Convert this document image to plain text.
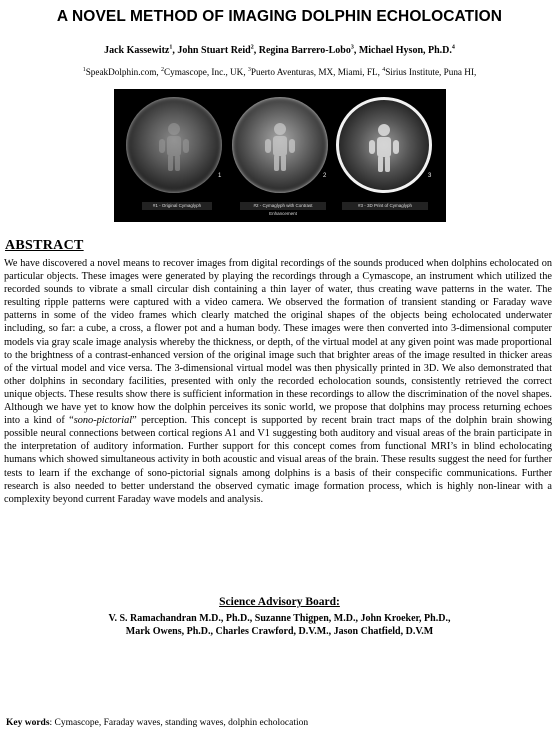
A NOVEL METHOD OF IMAGING DOLPHIN ECHOLOCATION
Jack Kassewitz$^1$, John Stuart Reid$^2$, Regina Barrero-Lobo$^3$, Michael Hyson, Ph.D.$^4$
$^1$SpeakDolphin.com, $^2$Cymascope, Inc., UK, $^3$Puerto Aventuras, MX, Miami, FL, $^4$Sirius Institute, Puna HI,
1	2	3
#1 - Original Cymaglyph	#2 - Cymaglyph with Contrast Enhancement
#3 - 3D Print of Cymaglyph
ABSTRACT

We have discovered a novel means to recover images from digital recordings of the sounds produced when dolphins echolocated on particular objects. These images were generated by playing the recordings through a Cymascope, an instrument which utilized the recorded sounds to vibrate a small circular dish containing a thin layer of water, thus creating wave patterns in the water. The resulting ripple patterns were captured with a video camera. We observed the formation of transient standing or Faraday wave patterns in some of the video frames which clearly matched the original shapes of the objects being echolocated underwater including, so far: a cube, a cross, a flower pot and a human body. These images were then converted into 3-dimensional computer models via gray scale image analysis whereby the thickness, or depth, of the virtual model at any given point was made proportional to the brightness of a contrast-enhanced version of the original image such that brighter areas of the image resulted in thicker areas of the virtual model and vice versa. The 3-dimensional virtual model was then physically printed in 3D. We also demonstrated that other dolphins in secondary facilities, presented with only the recorded echolocation sounds, consistently retrieved the correct unique objects. These results show there is sufficient information in these recordings to allow the discrimination of the novel shapes. Although we have yet to know how the dolphin perceives its sonic world, we propose that dolphins may process returning echoes into a kind of “sono-pictorial” perception. This concept is supported by recent brain tract maps of the dolphin brain showing possible neural connections between cortical regions A1 and V1 suggesting both auditory and visual areas of the brain participate in the interpretation of auditory information. Further support for this concept comes from functional MRI’s in blind echolocating humans which showed simultaneous activity in both acoustic and visual areas of the brain. These results suggest the need for further tests to learn if the exchange of sono-pictorial signals among dolphins is a basis of their conspecific communications. Further research is also needed to better understand the observed cymatic image formation process, which is highly non-linear with a complexity beyond current Faraday wave models and analysis.

Science Advisory Board:
V. S. Ramachandran M.D., Ph.D., Suzanne Thigpen, M.D., John Kroeker, Ph.D.,
Mark Owens, Ph.D., Charles Crawford, D.V.M., Jason Chatfield, D.V.M
Key words: Cymascope, Faraday waves, standing waves, dolphin echolocation
